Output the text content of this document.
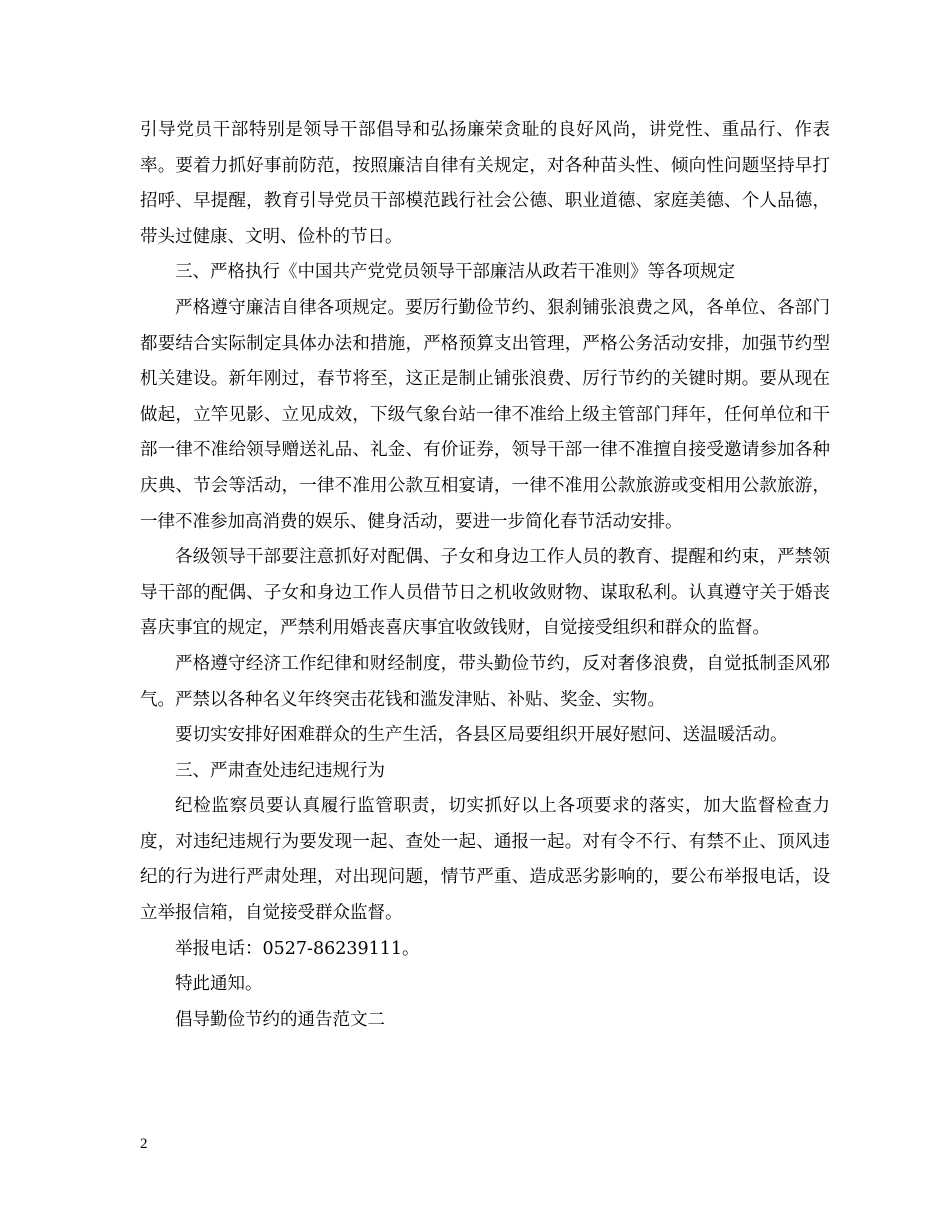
引导党员干部特别是领导干部倡导和弘扬廉荣贪耻的良好风尚，讲党性、重品行、作表率。要着力抓好事前防范，按照廉洁自律有关规定，对各种苗头性、倾向性问题坚持早打招呼、早提醒，教育引导党员干部模范践行社会公德、职业道德、家庭美德、个人品德，带头过健康、文明、俭朴的节日。

三、严格执行《中国共产党党员领导干部廉洁从政若干准则》等各项规定

严格遵守廉洁自律各项规定。要厉行勤俭节约、狠刹铺张浪费之风，各单位、各部门都要结合实际制定具体办法和措施，严格预算支出管理，严格公务活动安排，加强节约型机关建设。新年刚过，春节将至，这正是制止铺张浪费、厉行节约的关键时期。要从现在做起，立竿见影、立见成效，下级气象台站一律不准给上级主管部门拜年，任何单位和干部一律不准给领导赠送礼品、礼金、有价证券，领导干部一律不准擅自接受邀请参加各种庆典、节会等活动，一律不准用公款互相宴请，一律不准用公款旅游或变相用公款旅游，一律不准参加高消费的娱乐、健身活动，要进一步简化春节活动安排。

各级领导干部要注意抓好对配偶、子女和身边工作人员的教育、提醒和约束，严禁领导干部的配偶、子女和身边工作人员借节日之机收敛财物、谋取私利。认真遵守关于婚丧喜庆事宜的规定，严禁利用婚丧喜庆事宜收敛钱财，自觉接受组织和群众的监督。

严格遵守经济工作纪律和财经制度，带头勤俭节约，反对奢侈浪费，自觉抵制歪风邪气。严禁以各种名义年终突击花钱和滥发津贴、补贴、奖金、实物。

要切实安排好困难群众的生产生活，各县区局要组织开展好慰问、送温暖活动。

三、严肃查处违纪违规行为

纪检监察员要认真履行监管职责，切实抓好以上各项要求的落实，加大监督检查力度，对违纪违规行为要发现一起、查处一起、通报一起。对有令不行、有禁不止、顶风违纪的行为进行严肃处理，对出现问题，情节严重、造成恶劣影响的，要公布举报电话，设立举报信箱，自觉接受群众监督。

举报电话：0527-86239111。

特此通知。

倡导勤俭节约的通告范文二

2
